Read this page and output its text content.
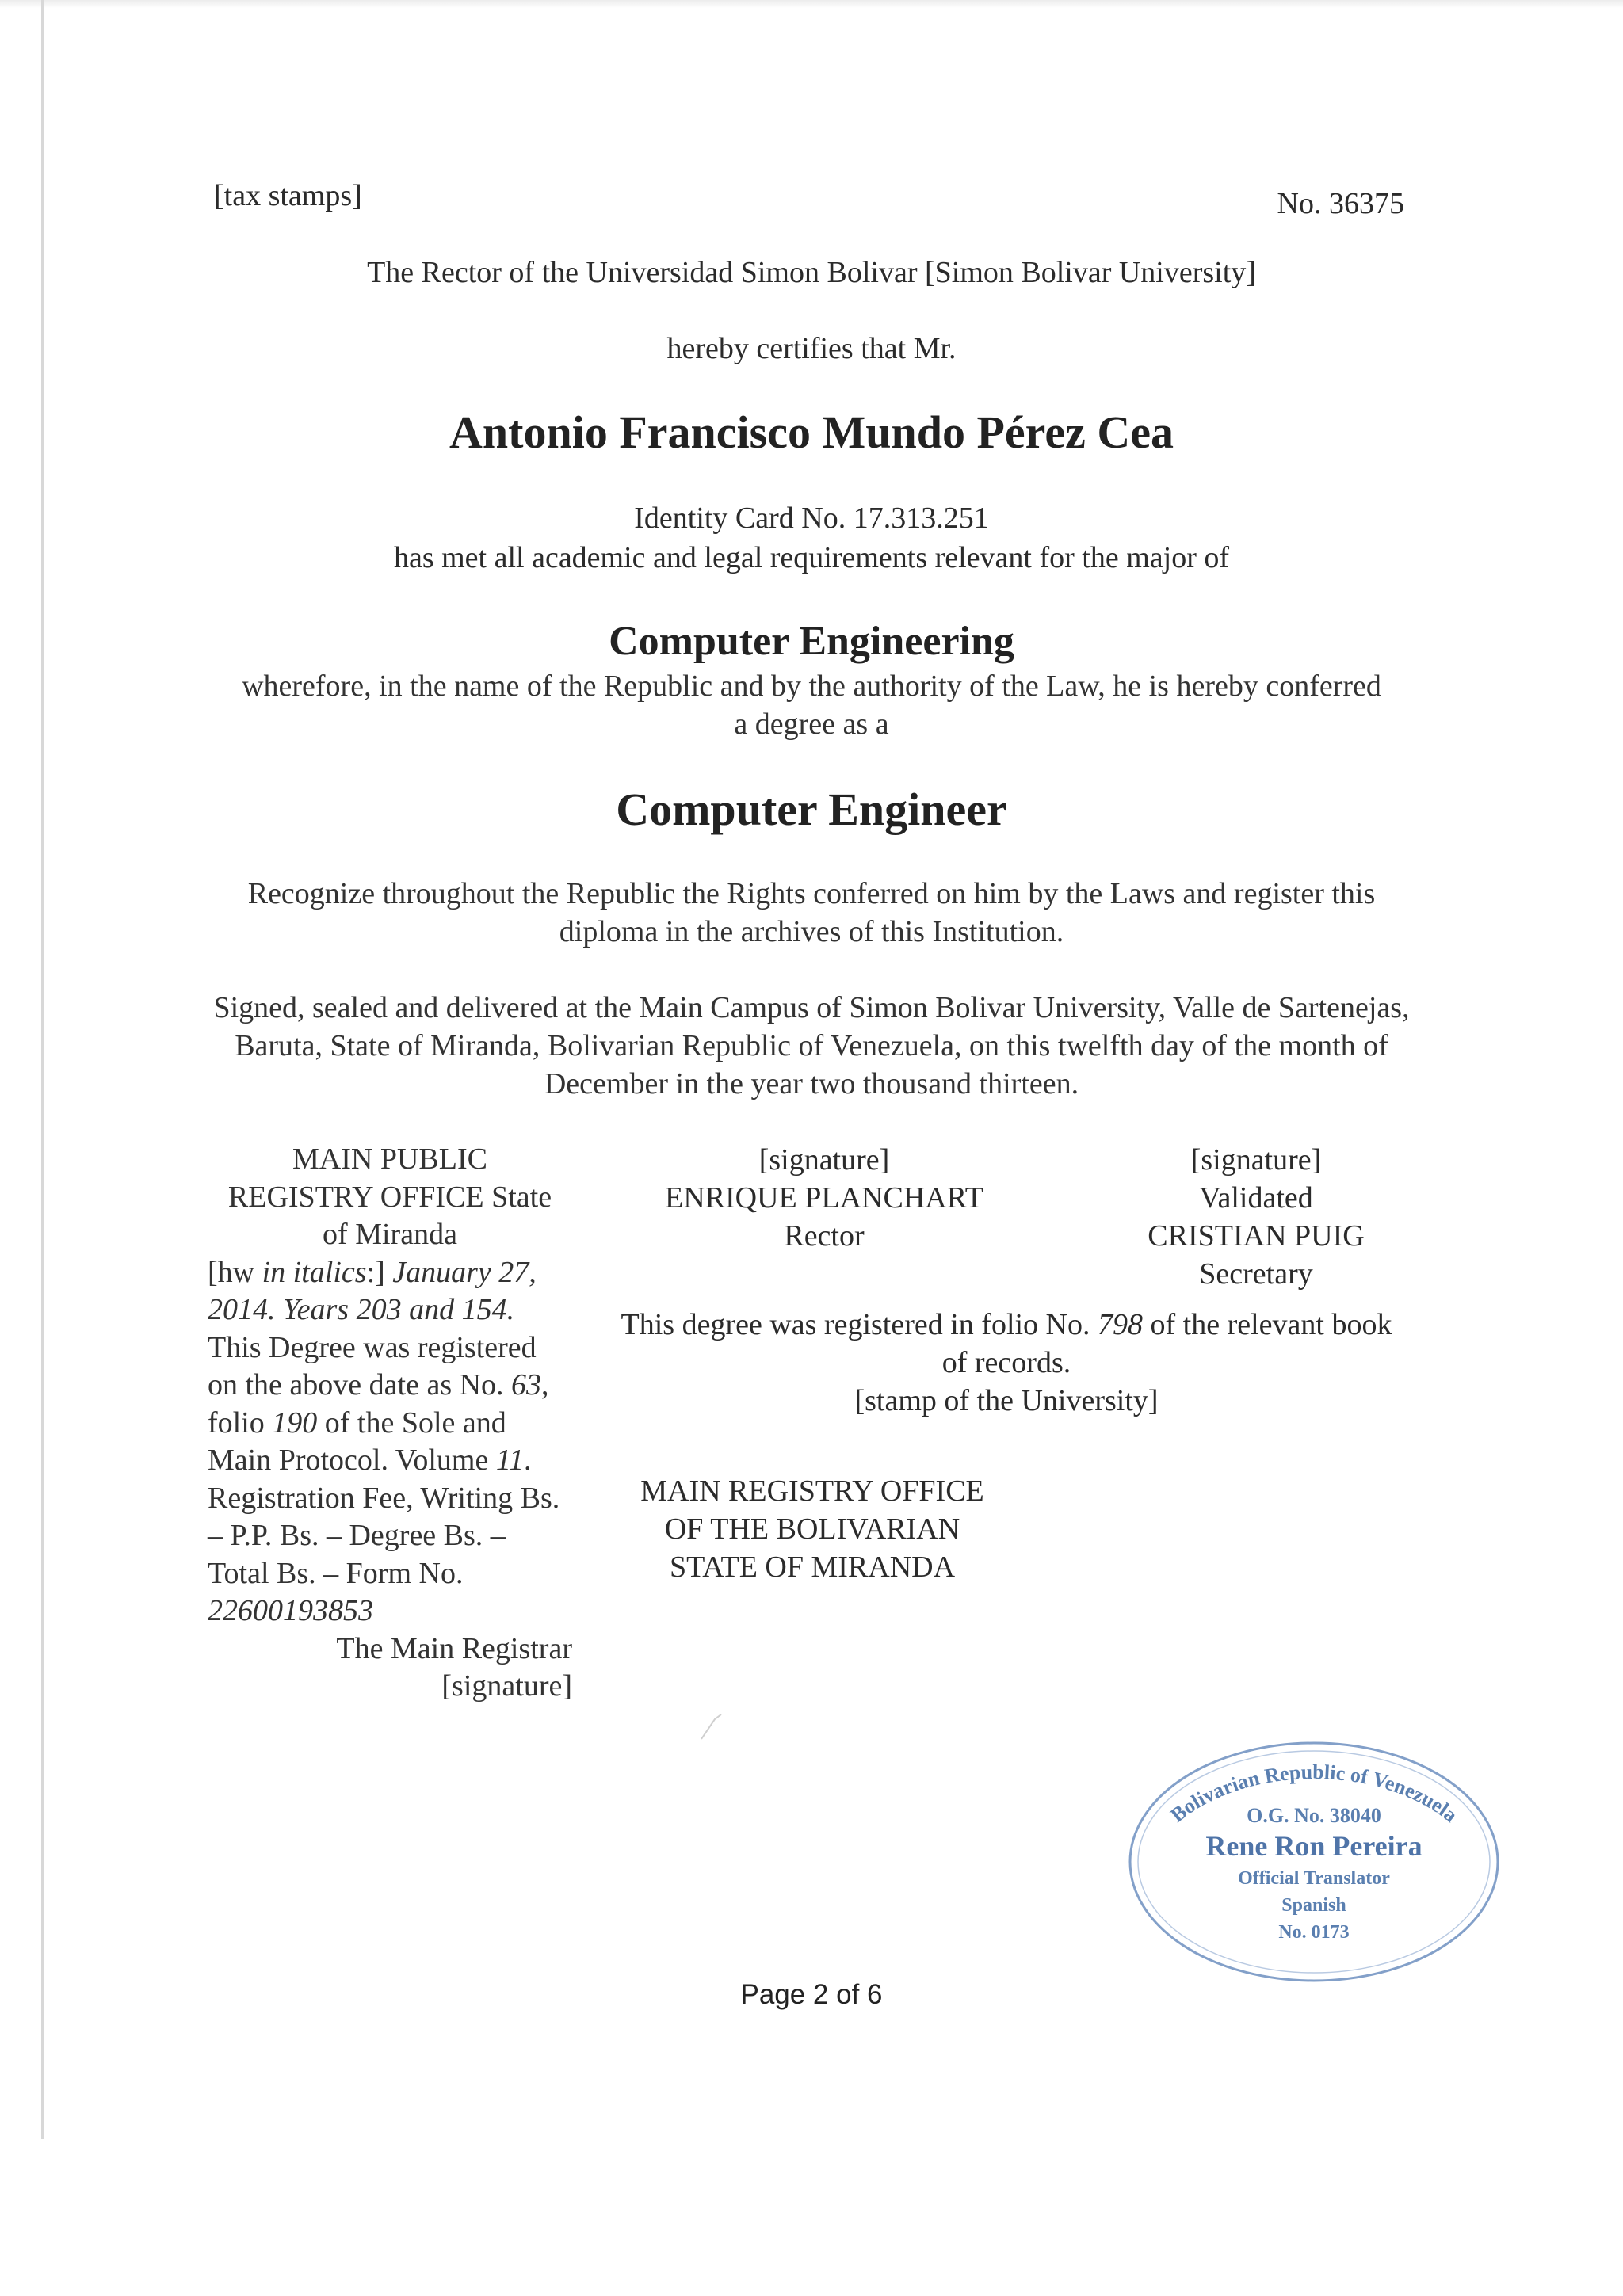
[tax stamps]	No. 36375
The Rector of the Universidad Simon Bolivar [Simon Bolivar University]
hereby certifies that Mr.
Antonio Francisco Mundo Pérez Cea
Identity Card No. 17.313.251
has met all academic and legal requirements relevant for the major of
Computer Engineering
wherefore, in the name of the Republic and by the authority of the Law, he is hereby conferred a degree as a
Computer Engineer
Recognize throughout the Republic the Rights conferred on him by the Laws and register this diploma in the archives of this Institution.
Signed, sealed and delivered at the Main Campus of Simon Bolivar University, Valle de Sartenejas, Baruta, State of Miranda, Bolivarian Republic of Venezuela, on this twelfth day of the month of December in the year two thousand thirteen.
MAIN PUBLIC
REGISTRY OFFICE State
of Miranda
[hw in italics:] January 27,
2014. Years 203 and 154.
This Degree was registered on the above date as No. 63, folio 190 of the Sole and Main Protocol. Volume 11. Registration Fee, Writing Bs. – P.P. Bs. – Degree Bs. – Total Bs. – Form No. 22600193853
The Main Registrar
[signature]
[signature]
ENRIQUE PLANCHART
Rector
[signature]
Validated
CRISTIAN PUIG
Secretary
This degree was registered in folio No. 798 of the relevant book of records.
[stamp of the University]
MAIN REGISTRY OFFICE
OF THE BOLIVARIAN
STATE OF MIRANDA
Bolivarian Republic of Venezuela
O.G. No. 38040
Rene Ron Pereira
Official Translator
Spanish
No. 0173
Page 2 of 6
